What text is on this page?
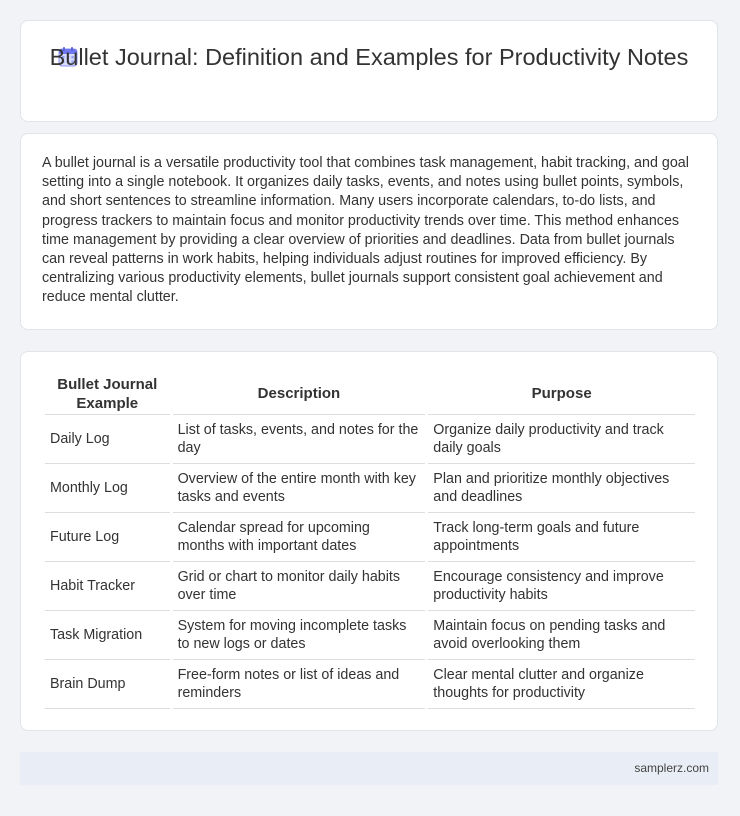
Bullet Journal: Definition and Examples for Productivity Notes
A bullet journal is a versatile productivity tool that combines task management, habit tracking, and goal setting into a single notebook. It organizes daily tasks, events, and notes using bullet points, symbols, and short sentences to streamline information. Many users incorporate calendars, to-do lists, and progress trackers to maintain focus and monitor productivity trends over time. This method enhances time management by providing a clear overview of priorities and deadlines. Data from bullet journals can reveal patterns in work habits, helping individuals adjust routines for improved efficiency. By centralizing various productivity elements, bullet journals support consistent goal achievement and reduce mental clutter.
Bullet Journal Example	Description	Purpose
Daily Log	List of tasks, events, and notes for the day	Organize daily productivity and track daily goals
Monthly Log	Overview of the entire month with key tasks and events	Plan and prioritize monthly objectives and deadlines
Future Log	Calendar spread for upcoming months with important dates	Track long-term goals and future appointments
Habit Tracker	Grid or chart to monitor daily habits over time	Encourage consistency and improve productivity habits
Task Migration	System for moving incomplete tasks to new logs or dates	Maintain focus on pending tasks and avoid overlooking them
Brain Dump	Free-form notes or list of ideas and reminders	Clear mental clutter and organize thoughts for productivity
samplerz.com
